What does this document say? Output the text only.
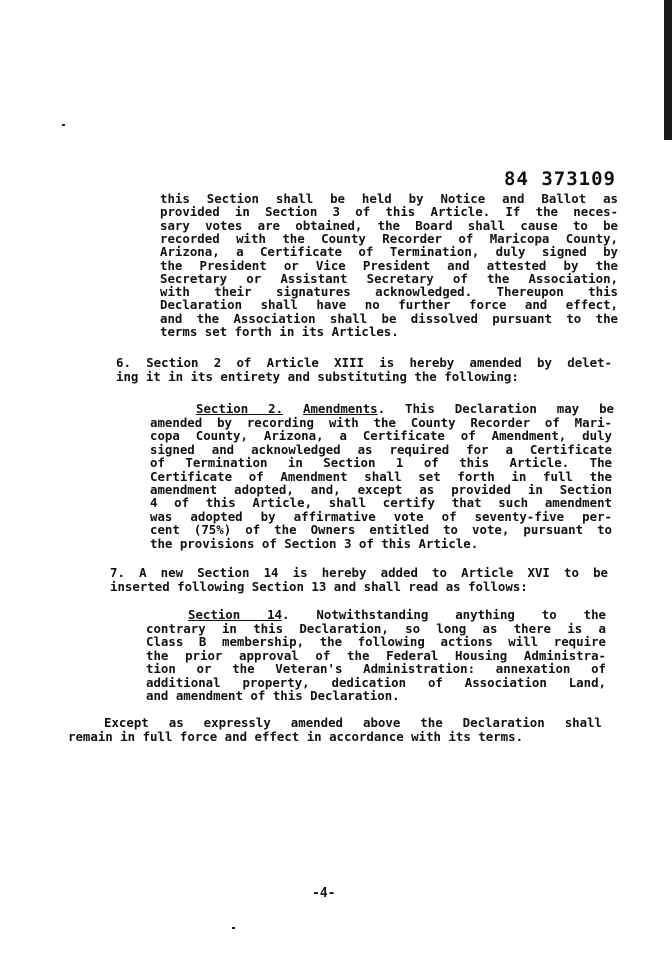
84 373109
this Section shall be held by Notice and Ballot as
provided in Section 3 of this Article. If the neces-
sary votes are obtained, the Board shall cause to be
recorded with the County Recorder of Maricopa County,
Arizona, a Certificate of Termination, duly signed by
the President or Vice President and attested by the
Secretary or Assistant Secretary of the Association,
with their signatures acknowledged. Thereupon this
Declaration shall have no further force and effect,
and the Association shall be dissolved pursuant to the
terms set forth in its Articles.
6. Section 2 of Article XIII is hereby amended by delet-
ing it in its entirety and substituting the following:
Section 2. Amendments. This Declaration may be
amended by recording with the County Recorder of Mari-
copa County, Arizona, a Certificate of Amendment, duly
signed and acknowledged as required for a Certificate
of Termination in Section 1 of this Article. The
Certificate of Amendment shall set forth in full the
amendment adopted, and, except as provided in Section
4 of this Article, shall certify that such amendment
was adopted by affirmative vote of seventy-five per-
cent (75%) of the Owners entitled to vote, pursuant to
the provisions of Section 3 of this Article.
7. A new Section 14 is hereby added to Article XVI to be
inserted following Section 13 and shall read as follows:
Section 14. Notwithstanding anything to the
contrary in this Declaration, so long as there is a
Class B membership, the following actions will require
the prior approval of the Federal Housing Administra-
tion or the Veteran's Administration: annexation of
additional property, dedication of Association Land,
and amendment of this Declaration.
Except as expressly amended above the Declaration shall
remain in full force and effect in accordance with its terms.
-4-
